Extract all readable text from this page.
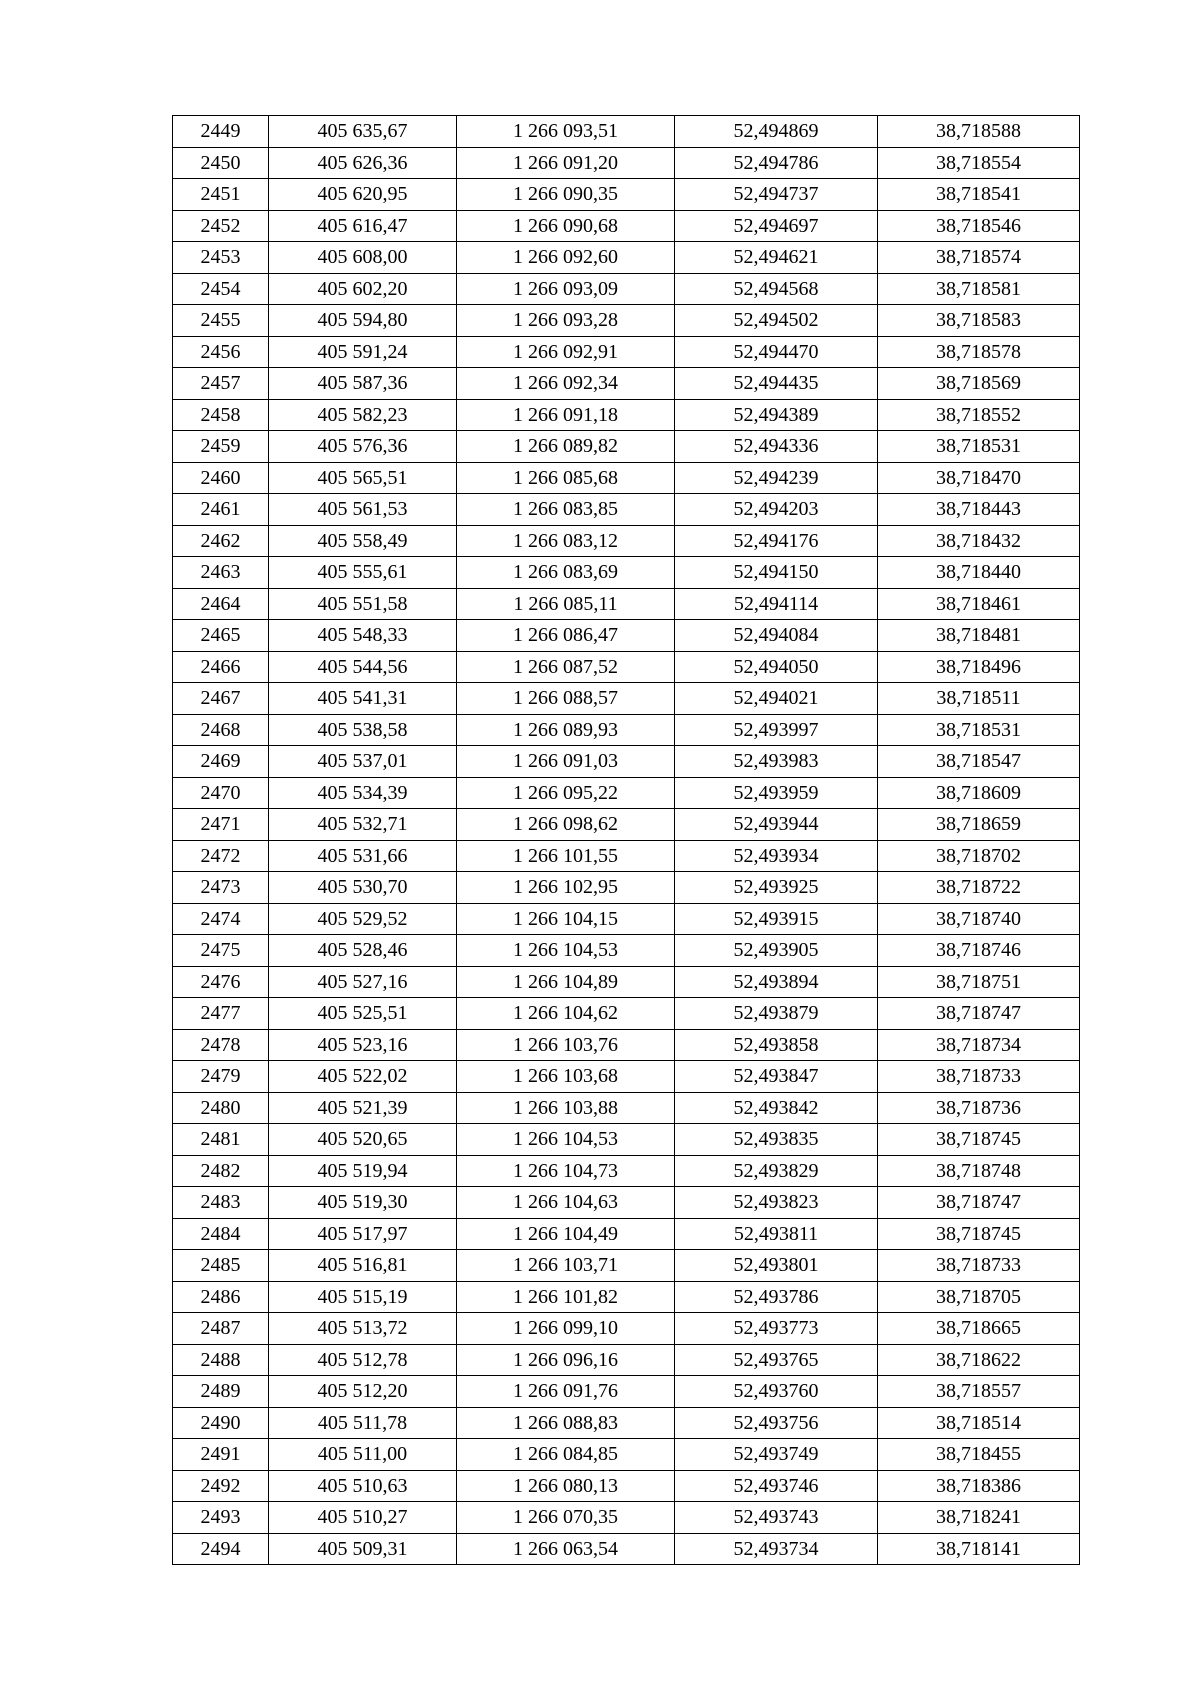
2449	405 635,67	1 266 093,51	52,494869	38,718588
2450	405 626,36	1 266 091,20	52,494786	38,718554
2451	405 620,95	1 266 090,35	52,494737	38,718541
2452	405 616,47	1 266 090,68	52,494697	38,718546
2453	405 608,00	1 266 092,60	52,494621	38,718574
2454	405 602,20	1 266 093,09	52,494568	38,718581
2455	405 594,80	1 266 093,28	52,494502	38,718583
2456	405 591,24	1 266 092,91	52,494470	38,718578
2457	405 587,36	1 266 092,34	52,494435	38,718569
2458	405 582,23	1 266 091,18	52,494389	38,718552
2459	405 576,36	1 266 089,82	52,494336	38,718531
2460	405 565,51	1 266 085,68	52,494239	38,718470
2461	405 561,53	1 266 083,85	52,494203	38,718443
2462	405 558,49	1 266 083,12	52,494176	38,718432
2463	405 555,61	1 266 083,69	52,494150	38,718440
2464	405 551,58	1 266 085,11	52,494114	38,718461
2465	405 548,33	1 266 086,47	52,494084	38,718481
2466	405 544,56	1 266 087,52	52,494050	38,718496
2467	405 541,31	1 266 088,57	52,494021	38,718511
2468	405 538,58	1 266 089,93	52,493997	38,718531
2469	405 537,01	1 266 091,03	52,493983	38,718547
2470	405 534,39	1 266 095,22	52,493959	38,718609
2471	405 532,71	1 266 098,62	52,493944	38,718659
2472	405 531,66	1 266 101,55	52,493934	38,718702
2473	405 530,70	1 266 102,95	52,493925	38,718722
2474	405 529,52	1 266 104,15	52,493915	38,718740
2475	405 528,46	1 266 104,53	52,493905	38,718746
2476	405 527,16	1 266 104,89	52,493894	38,718751
2477	405 525,51	1 266 104,62	52,493879	38,718747
2478	405 523,16	1 266 103,76	52,493858	38,718734
2479	405 522,02	1 266 103,68	52,493847	38,718733
2480	405 521,39	1 266 103,88	52,493842	38,718736
2481	405 520,65	1 266 104,53	52,493835	38,718745
2482	405 519,94	1 266 104,73	52,493829	38,718748
2483	405 519,30	1 266 104,63	52,493823	38,718747
2484	405 517,97	1 266 104,49	52,493811	38,718745
2485	405 516,81	1 266 103,71	52,493801	38,718733
2486	405 515,19	1 266 101,82	52,493786	38,718705
2487	405 513,72	1 266 099,10	52,493773	38,718665
2488	405 512,78	1 266 096,16	52,493765	38,718622
2489	405 512,20	1 266 091,76	52,493760	38,718557
2490	405 511,78	1 266 088,83	52,493756	38,718514
2491	405 511,00	1 266 084,85	52,493749	38,718455
2492	405 510,63	1 266 080,13	52,493746	38,718386
2493	405 510,27	1 266 070,35	52,493743	38,718241
2494	405 509,31	1 266 063,54	52,493734	38,718141
